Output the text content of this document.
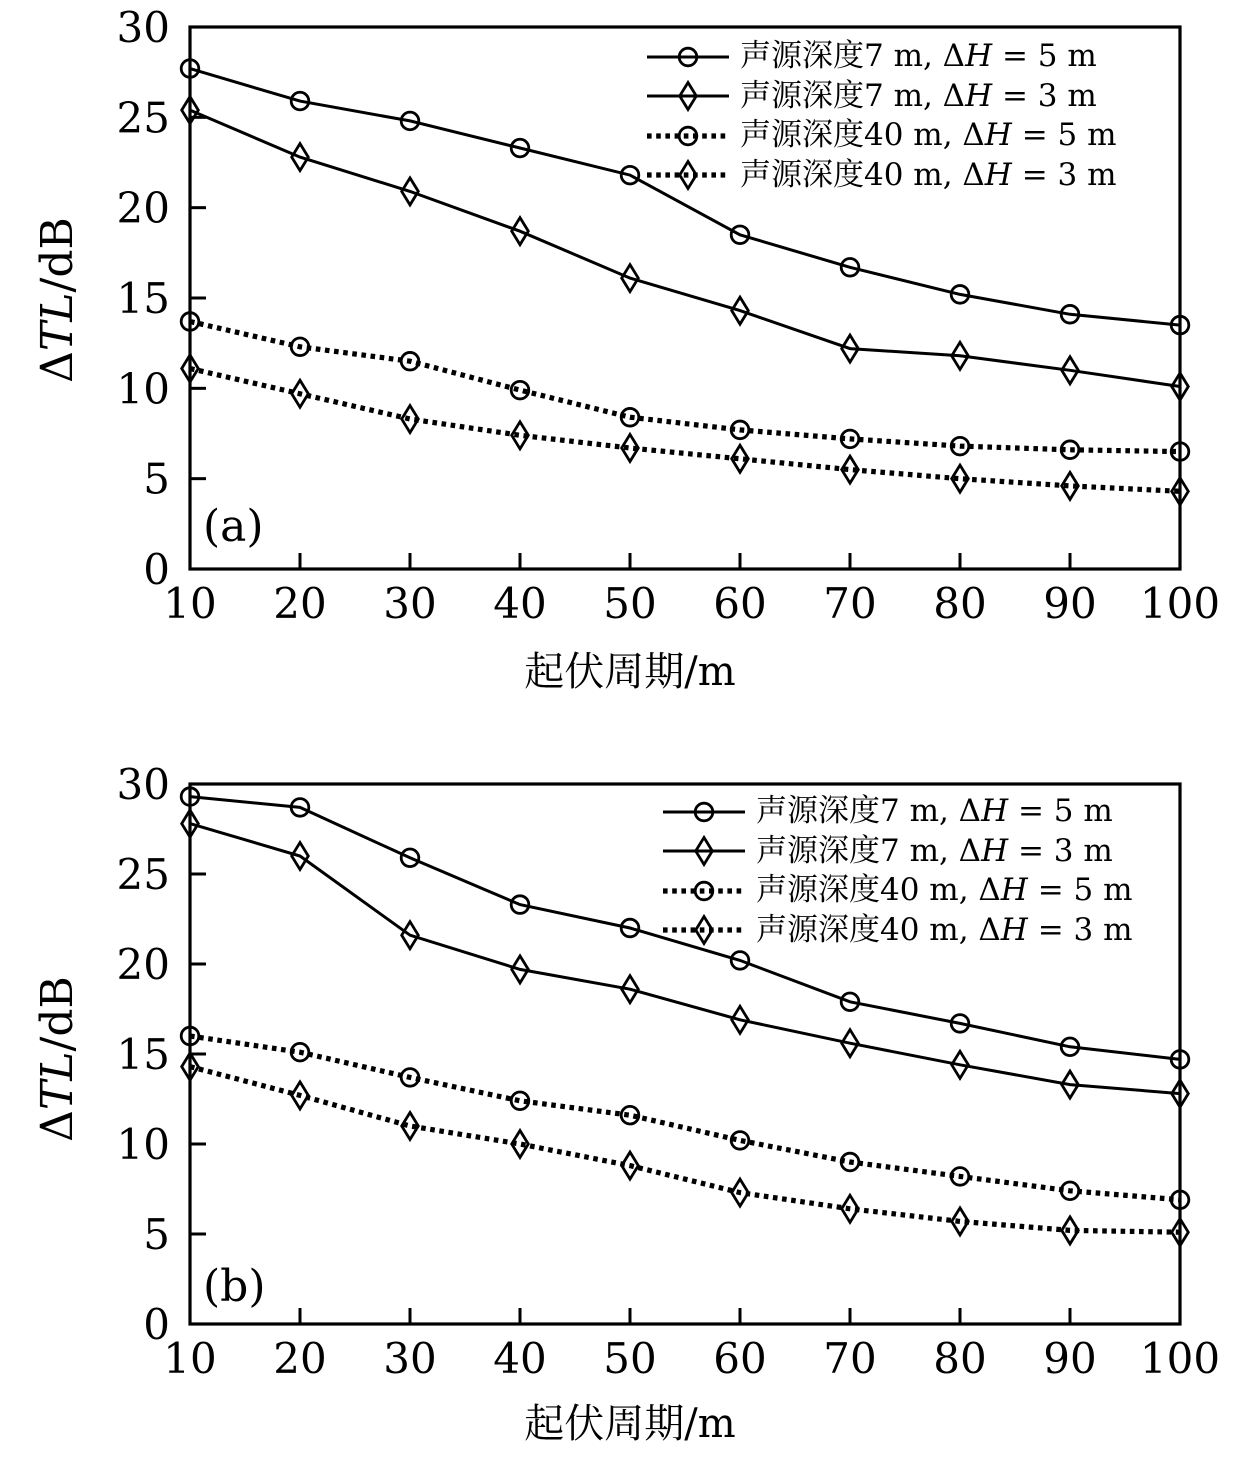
10 20 30 40 50 60 70 80 90 100
0
5
10
15
20
25
30
ΔTL/dB
起伏周期/m
(a)
声源深度7 m, ΔH = 5 m
声源深度7 m, ΔH = 3 m
声源深度40 m, ΔH = 5 m
声源深度40 m, ΔH = 3 m
10 20 30 40 50 60 70 80 90 100
0
5
10
15
20
25
30
ΔTL/dB
起伏周期/m
(b)
声源深度7 m, ΔH = 5 m
声源深度7 m, ΔH = 3 m
声源深度40 m, ΔH = 5 m
声源深度40 m, ΔH = 3 m
